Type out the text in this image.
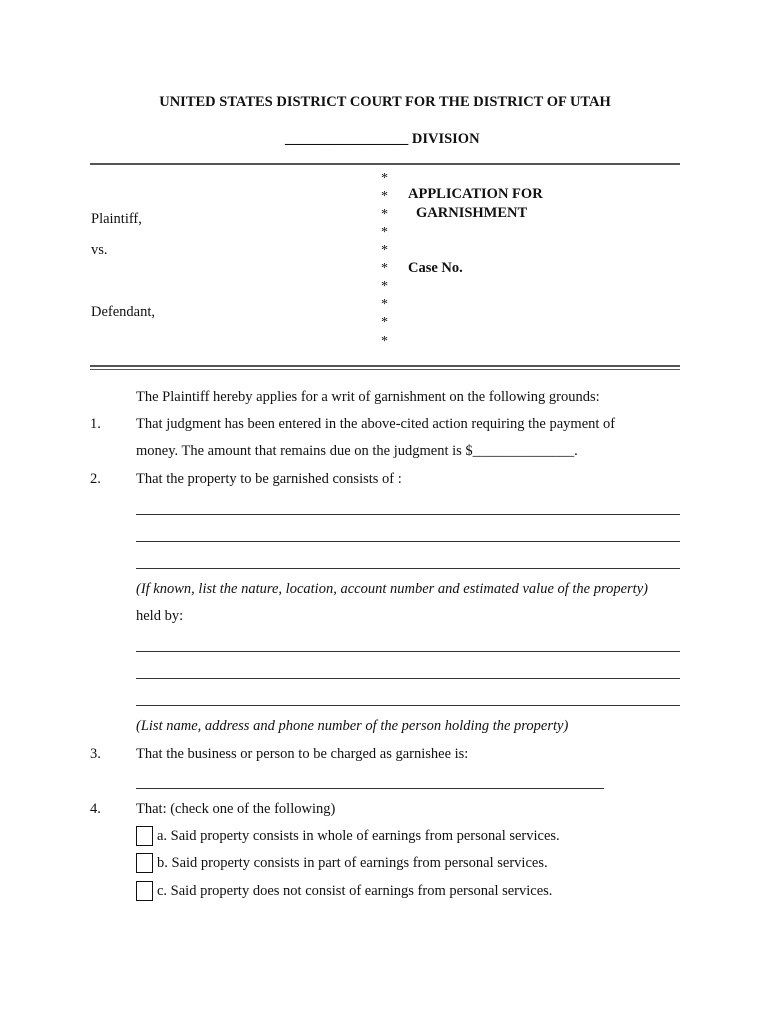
UNITED STATES DISTRICT COURT FOR THE DISTRICT OF UTAH
_________________ DIVISION
Plaintiff,
vs.
Defendant,
*
*
*
*
*
*
*
*
*
*
APPLICATION FOR
GARNISHMENT
Case No.
The Plaintiff hereby applies for a writ of garnishment on the following grounds:
1. That judgment has been entered in the above-cited action requiring the payment of
money. The amount that remains due on the judgment is $______________.
2. That the property to be garnished consists of :
(If known, list the nature, location, account number and estimated value of the property)
held by:
(List name, address and phone number of the person holding the property)
3. That the business or person to be charged as garnishee is:
4. That: (check one of the following)
a. Said property consists in whole of earnings from personal services.
b. Said property consists in part of earnings from personal services.
c. Said property does not consist of earnings from personal services.
